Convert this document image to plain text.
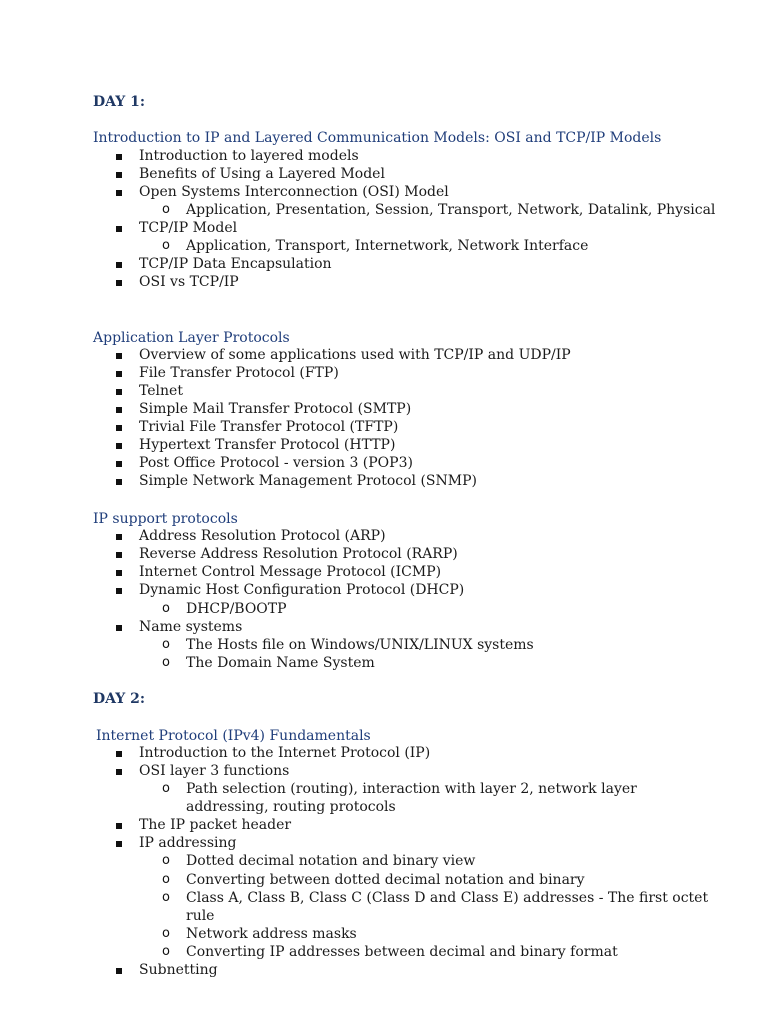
DAY 1:
Introduction to IP and Layered Communication Models: OSI and TCP/IP Models
Introduction to layered models
Benefits of Using a Layered Model
Open Systems Interconnection (OSI) Model
o Application, Presentation, Session, Transport, Network, Datalink, Physical
TCP/IP Model
o Application, Transport, Internetwork, Network Interface
TCP/IP Data Encapsulation
OSI vs TCP/IP
Application Layer Protocols
Overview of some applications used with TCP/IP and UDP/IP
File Transfer Protocol (FTP)
Telnet
Simple Mail Transfer Protocol (SMTP)
Trivial File Transfer Protocol (TFTP)
Hypertext Transfer Protocol (HTTP)
Post Office Protocol - version 3 (POP3)
Simple Network Management Protocol (SNMP)
IP support protocols
Address Resolution Protocol (ARP)
Reverse Address Resolution Protocol (RARP)
Internet Control Message Protocol (ICMP)
Dynamic Host Configuration Protocol (DHCP)
o DHCP/BOOTP
Name systems
o The Hosts file on Windows/UNIX/LINUX systems
o The Domain Name System
DAY 2:
Internet Protocol (IPv4) Fundamentals
Introduction to the Internet Protocol (IP)
OSI layer 3 functions
o Path selection (routing), interaction with layer 2, network layer
addressing, routing protocols
The IP packet header
IP addressing
o Dotted decimal notation and binary view
o Converting between dotted decimal notation and binary
o Class A, Class B, Class C (Class D and Class E) addresses - The first octet
rule
o Network address masks
o Converting IP addresses between decimal and binary format
Subnetting
